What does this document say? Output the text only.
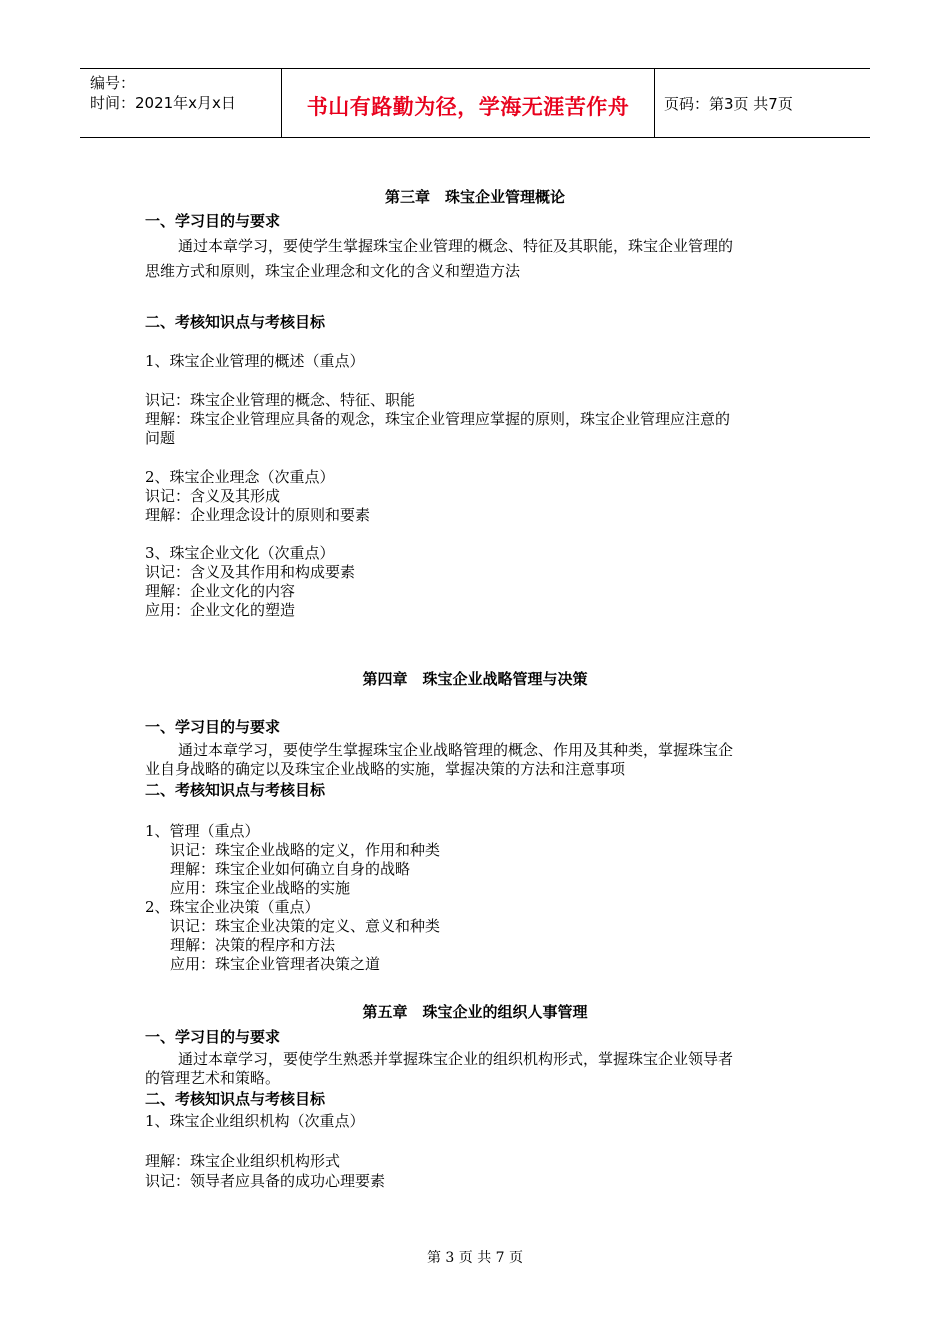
编号：
时间：2021年x月x日	书山有路勤为径，学海无涯苦作舟	页码：第3页 共7页
第三章　珠宝企业管理概论
一、学习目的与要求
通过本章学习，要使学生掌握珠宝企业管理的概念、特征及其职能，珠宝企业管理的
思维方式和原则，珠宝企业理念和文化的含义和塑造方法
二、考核知识点与考核目标
1、珠宝企业管理的概述（重点）
识记：珠宝企业管理的概念、特征、职能
理解：珠宝企业管理应具备的观念，珠宝企业管理应掌握的原则，珠宝企业管理应注意的
问题
2、珠宝企业理念（次重点）
识记：含义及其形成
理解：企业理念设计的原则和要素
3、珠宝企业文化（次重点）
识记：含义及其作用和构成要素
理解：企业文化的内容
应用：企业文化的塑造
第四章　珠宝企业战略管理与决策
一、学习目的与要求
通过本章学习，要使学生掌握珠宝企业战略管理的概念、作用及其种类，掌握珠宝企
业自身战略的确定以及珠宝企业战略的实施，掌握决策的方法和注意事项
二、考核知识点与考核目标
1、管理（重点）
识记：珠宝企业战略的定义，作用和种类
理解：珠宝企业如何确立自身的战略
应用：珠宝企业战略的实施
2、珠宝企业决策（重点）
识记：珠宝企业决策的定义、意义和种类
理解：决策的程序和方法
应用：珠宝企业管理者决策之道
第五章　珠宝企业的组织人事管理
一、学习目的与要求
通过本章学习，要使学生熟悉并掌握珠宝企业的组织机构形式，掌握珠宝企业领导者
的管理艺术和策略。
二、考核知识点与考核目标
1、珠宝企业组织机构（次重点）
理解：珠宝企业组织机构形式
识记：领导者应具备的成功心理要素
第 3 页 共 7 页
